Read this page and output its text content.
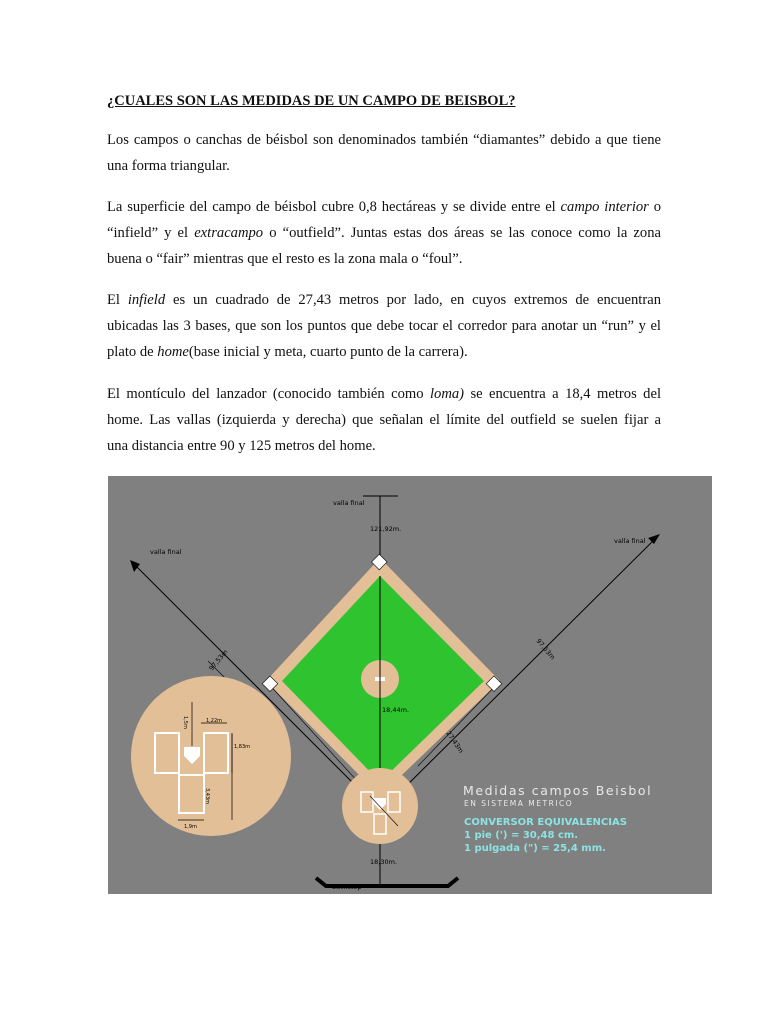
¿CUALES SON LAS MEDIDAS DE UN CAMPO DE BEISBOL?
Los campos o canchas de béisbol son denominados también “diamantes” debido a que tiene
una forma triangular.
La superficie del campo de béisbol cubre 0,8 hectáreas y se divide entre el campo interior o
“infield” y el extracampo o “outfield”. Juntas estas dos áreas se las conoce como la zona
buena o “fair” mientras que el resto es la zona mala o “foul”.
El infield es un cuadrado de 27,43 metros por lado, en cuyos extremos de encuentran
ubicadas las 3 bases, que son los puntos que debe tocar el corredor para anotar un “run” y el
plato de home(base inicial y meta, cuarto punto de la carrera).
El montículo del lanzador (conocido también como loma) se encuentra a 18,4 metros del
home. Las vallas (izquierda y derecha) que señalan el límite del outfield se suelen fijar a
una distancia entre 90 y 125 metros del home.
valla final
valla final
valla final
121,92m.
97,53m	97,53m
27,43m
18,44m.
18,30m.
backstop
1,5m	1,22m
1,83m
3,43m
1,9m
Medidas campos Beisbol
EN SISTEMA METRICO
CONVERSOR EQUIVALENCIAS
1 pie (') = 30,48 cm.
1 pulgada (") = 25,4 mm.
